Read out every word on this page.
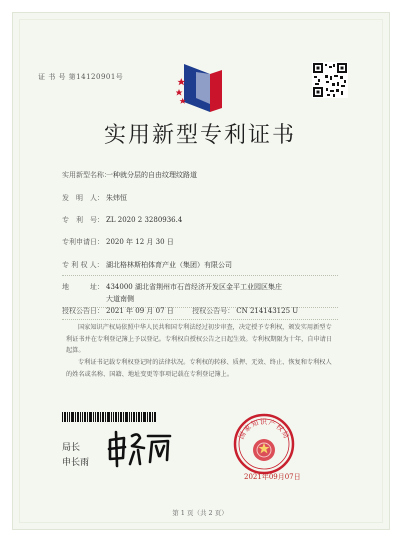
证 书 号 第14120901号
实用新型专利证书
实用新型名称：一种就分层的自由纹理纹路道
发　明　人： 朱炜恒
专　利　号： ZL 2020 2 3280936.4
专利申请日： 2020 年 12 月 30 日
专 利 权 人： 湖北格林斯柏体育产业（集团）有限公司
地　　　址： 434000 湖北省荆州市石首经济开发区金平工业园区集庄
大道南侧
授权公告日： 2021 年 09 月 07 日	授权公告号： CN 214143125 U
国家知识产权局依照中华人民共和国专利法经过初步审查，决定授予专利权，颁发实用新型专利证书并在专利登记簿上予以登记。专利权自授权公告之日起生效。专利权期限为十年，自申请日起算。
专利证书记载专利权登记时的法律状况。专利权的转移、质押、无效、终止、恢复和专利权人的姓名或名称、国籍、地址变更等事项记载在专利登记簿上。
局长
申长雨
国家知识产权局
2021年09月07日
第 1 页（共 2 页）
